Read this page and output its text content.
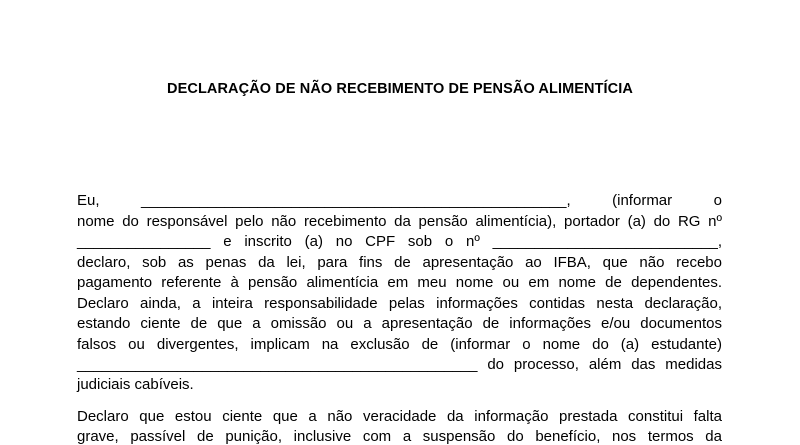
DECLARAÇÃO DE NÃO RECEBIMENTO DE PENSÃO ALIMENTÍCIA
Eu, ___________________________________________________, (informar o
nome do responsável pelo não recebimento da pensão alimentícia), portador (a) do RG nº
________________ e inscrito (a) no CPF sob o nº ___________________________,
declaro, sob as penas da lei, para fins de apresentação ao IFBA, que não recebo
pagamento referente à pensão alimentícia em meu nome ou em nome de dependentes.
Declaro ainda, a inteira responsabilidade pelas informações contidas nesta declaração,
estando ciente de que a omissão ou a apresentação de informações e/ou documentos
falsos ou divergentes, implicam na exclusão de (informar o nome do (a) estudante)
________________________________________________ do processo, além das medidas
judiciais cabíveis.
Declaro que estou ciente que a não veracidade da informação prestada constitui falta
grave, passível de punição, inclusive com a suspensão do benefício, nos termos da
